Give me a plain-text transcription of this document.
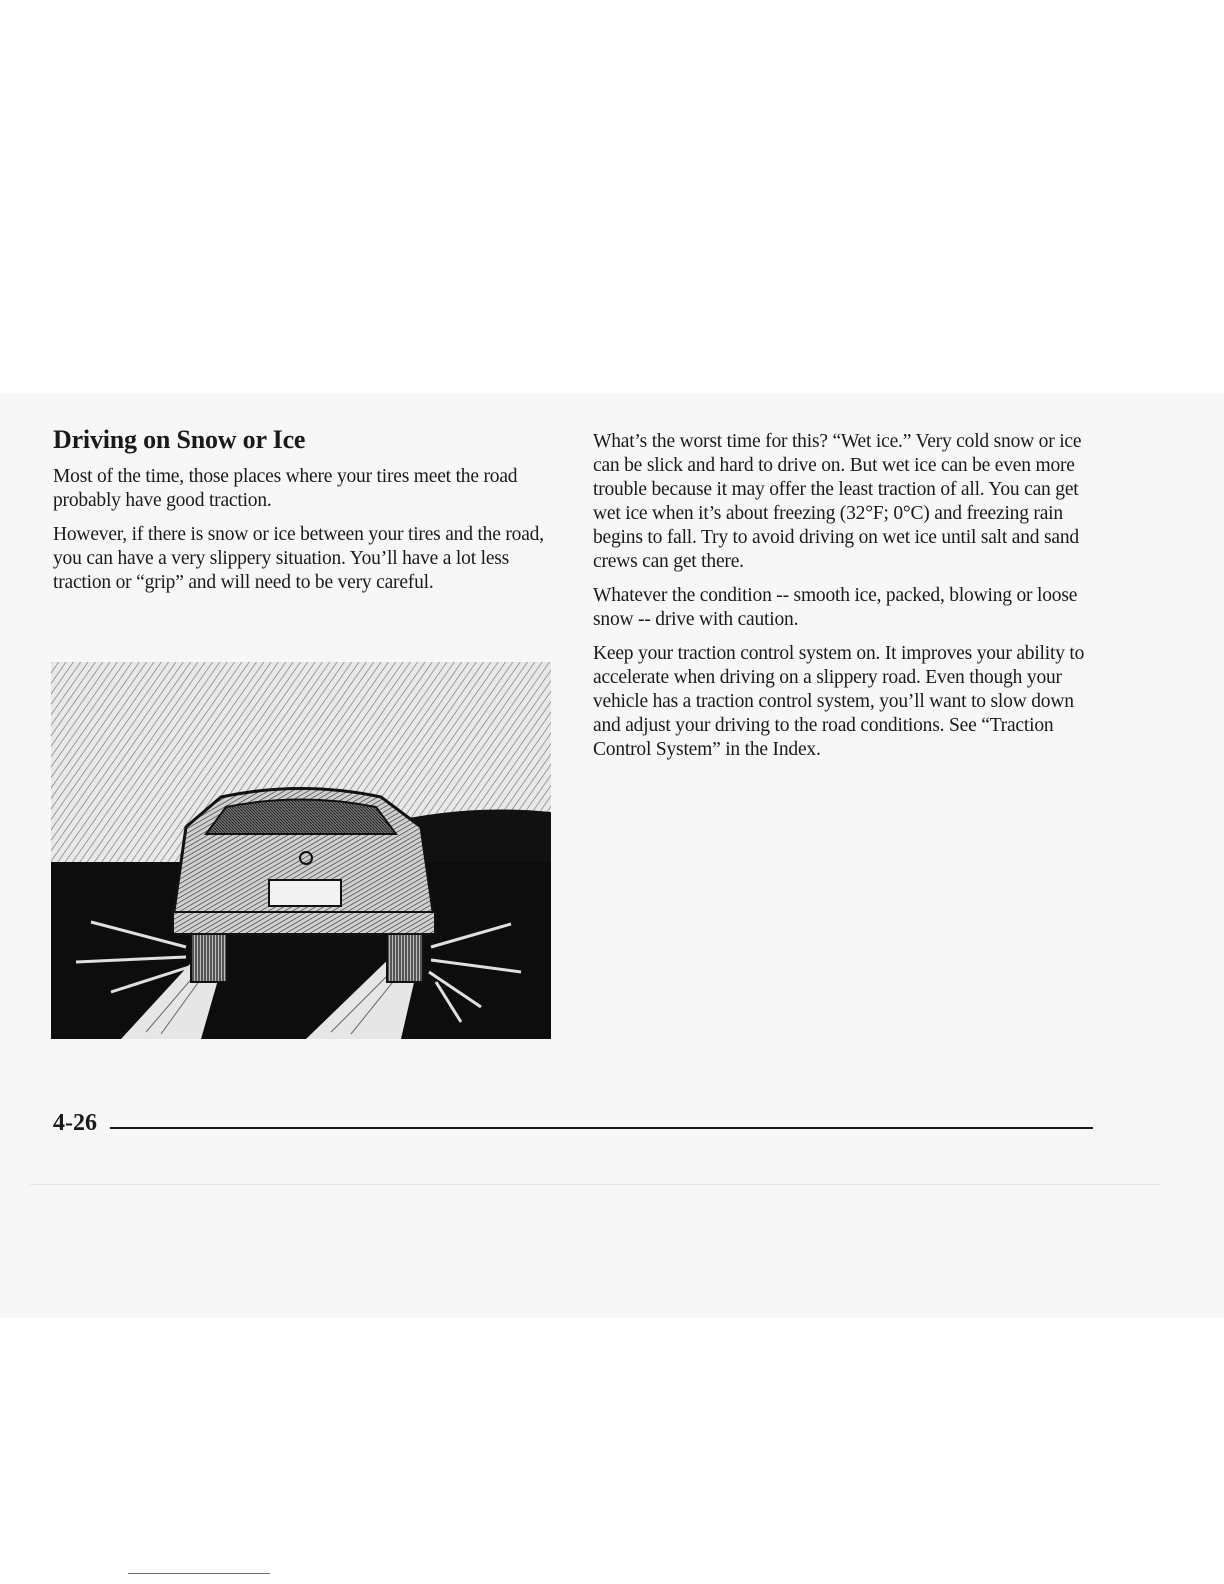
Driving on Snow or Ice

Most of the time, those places where your tires meet the road probably have good traction.

However, if there is snow or ice between your tires and the road, you can have a very slippery situation. You’ll have a lot less traction or “grip” and will need to be very careful.

What’s the worst time for this? “Wet ice.” Very cold snow or ice can be slick and hard to drive on. But wet ice can be even more trouble because it may offer the least traction of all. You can get wet ice when it’s about freezing (32°F; 0°C) and freezing rain begins to fall. Try to avoid driving on wet ice until salt and sand crews can get there.

Whatever the condition -- smooth ice, packed, blowing or loose snow -- drive with caution.

Keep your traction control system on. It improves your ability to accelerate when driving on a slippery road. Even though your vehicle has a traction control system, you’ll want to slow down and adjust your driving to the road conditions. See “Traction Control System” in the Index.

4-26
